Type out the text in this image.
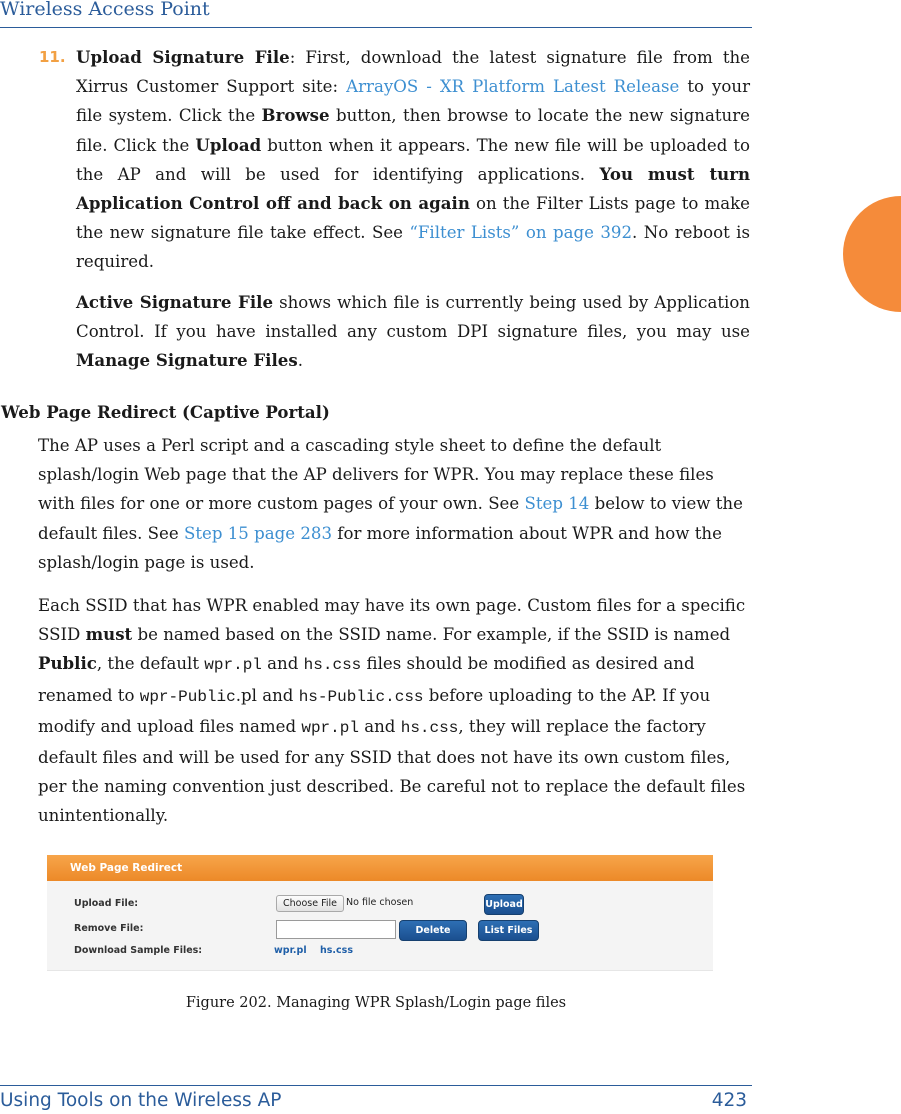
Wireless Access Point
11. Upload Signature File: First, download the latest signature file from the Xirrus Customer Support site: ArrayOS - XR Platform Latest Release to your file system. Click the Browse button, then browse to locate the new signature file. Click the Upload button when it appears. The new file will be uploaded to the AP and will be used for identifying applications. You must turn Application Control off and back on again on the Filter Lists page to make the new signature file take effect. See “Filter Lists” on page 392. No reboot is required.

Active Signature File shows which file is currently being used by Application Control. If you have installed any custom DPI signature files, you may use Manage Signature Files.

Web Page Redirect (Captive Portal)

The AP uses a Perl script and a cascading style sheet to define the default splash/login Web page that the AP delivers for WPR. You may replace these files with files for one or more custom pages of your own. See Step 14 below to view the default files. See Step 15 page 283 for more information about WPR and how the splash/login page is used.

Each SSID that has WPR enabled may have its own page. Custom files for a specific SSID must be named based on the SSID name. For example, if the SSID is named Public, the default wpr.pl and hs.css files should be modified as desired and renamed to wpr-Public.pl and hs-Public.css before uploading to the AP. If you modify and upload files named wpr.pl and hs.css, they will replace the factory default files and will be used for any SSID that does not have its own custom files, per the naming convention just described. Be careful not to replace the default files unintentionally.

Web Page Redirect
Upload File:	Choose File No file chosen	Upload
Remove File:	Delete	List Files
Download Sample Files:	wpr.pl hs.css
Figure 202. Managing WPR Splash/Login page files
Using Tools on the Wireless AP	423
